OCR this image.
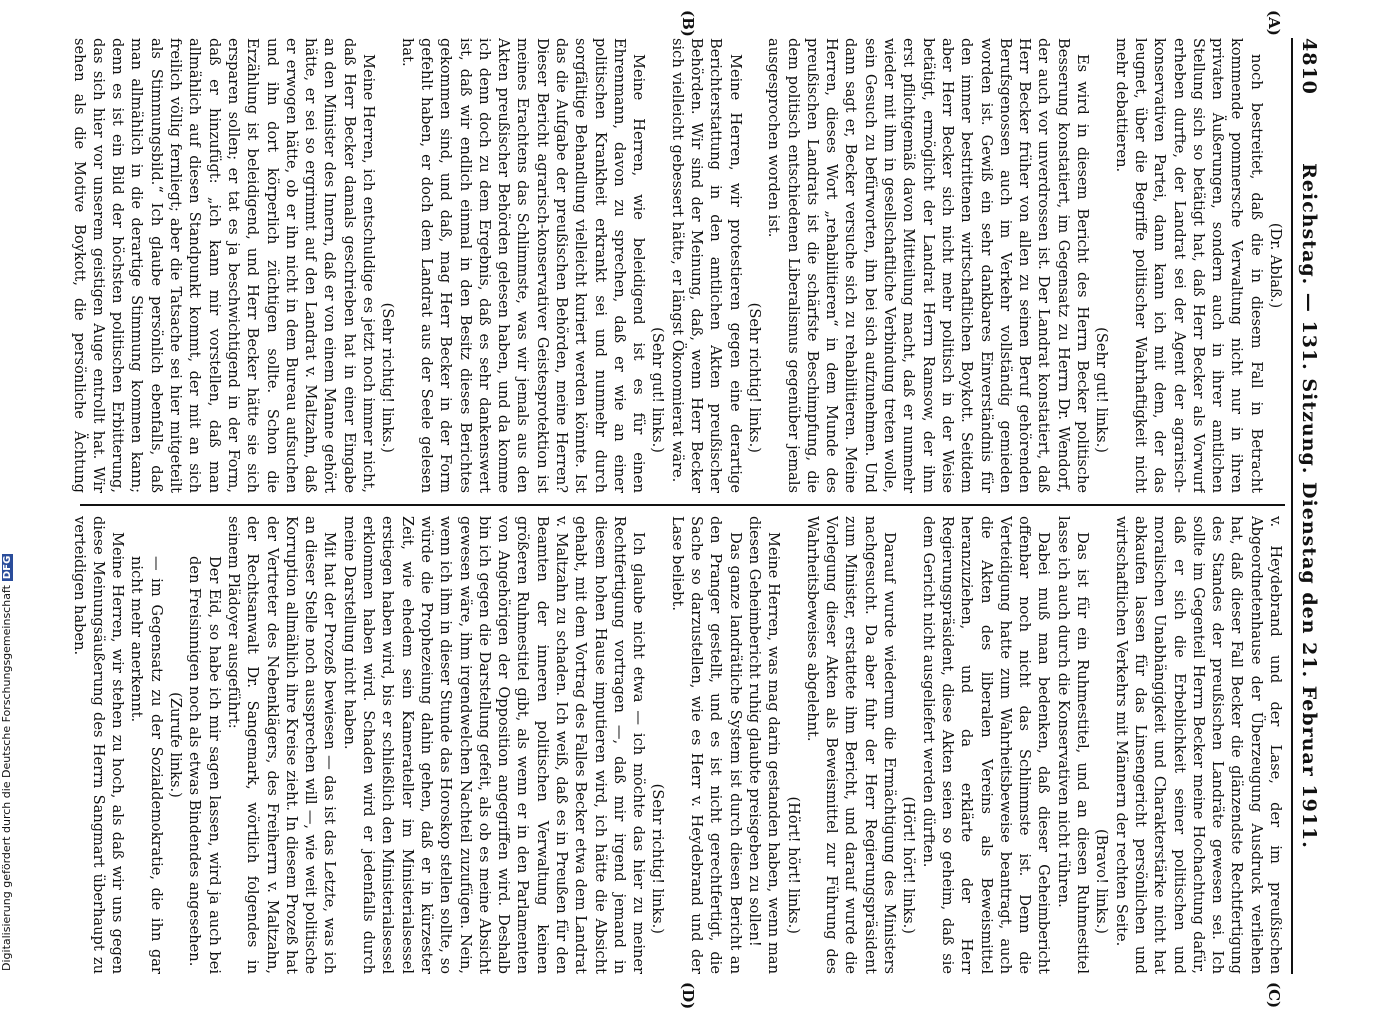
4810
Reichstag. — 131. Sitzung. Dienstag den 21. Februar 1911.
(A)
(B)
(C)
(D)

(Dr. Ablaß.)

noch bestreitet, daß die in diesem Fall in Betracht kommende pommersche Verwaltung nicht nur in ihren privaten Äußerungen, sondern auch in ihrer amtlichen Stellung sich so betätigt hat, daß Herr Becker als Vorwurf erheben durfte, der Landrat sei der Agent der agrarisch-konservativen Partei, dann kann ich mit dem, der das leugnet, über die Begriffe politischer Wahrhaftigkeit nicht mehr debattieren.

(Sehr gut! links.)

Es wird in diesem Bericht des Herrn Becker politische Besserung konstatiert, im Gegensatz zu Herrn Dr. Wendorf, der auch vor unverdrossen ist. Der Landrat konstatiert, daß Herr Becker früher von allen zu seinen Beruf gehörenden Berufsgenossen auch im Verkehr vollständig gemieden worden ist. Gewiß ein sehr dankbares Einverständnis für den immer bestrittenen wirtschaftlichen Boykott. Seitdem aber Herr Becker sich nicht mehr politisch in der Weise betätigt, ermöglicht der Landrat Herrn Ramsow, der ihm erst pflichtgemäß davon Mitteilung macht, daß er nunmehr wieder mit ihm in gesellschaftliche Verbindung treten wolle, sein Gesuch zu befürworten, ihn bei sich aufzunehmen. Und dann sagt er, Becker versuche sich zu rehabilitieren. Meine Herren, dieses Wort „rehabilitieren“ in dem Munde des preußischen Landrats ist die schärfste Beschimpfung, die dem politisch entschiedenen Liberalismus gegenüber jemals ausgesprochen worden ist.

(Sehr richtig! links.)

Meine Herren, wir protestieren gegen eine derartige Berichterstattung in den amtlichen Akten preußischer Behörden. Wir sind der Meinung, daß, wenn Herr Becker sich vielleicht gebessert hätte, er längst Ökonomierat wäre.

(Sehr gut! links.)

Meine Herren, wie beleidigend ist es für einen Ehrenmann, davon zu sprechen, daß er wie an einer politischen Krankheit erkrankt sei und nunmehr durch sorgfältige Behandlung vielleicht kuriert werden könnte. Ist das die Aufgabe der preußischen Behörden, meine Herren? Dieser Bericht agrarisch-konservativer Geistesprotektion ist meines Erachtens das Schlimmste, was wir jemals aus den Akten preußischer Behörden gelesen haben, und da komme ich denn doch zu dem Ergebnis, daß es sehr dankenswert ist, daß wir endlich einmal in den Besitz dieses Berichtes gekommen sind, und daß, mag Herr Becker in der Form gefehlt haben, er doch dem Landrat aus der Seele gelesen hat.

(Sehr richtig! links.)

Meine Herren, ich entschuldige es jetzt noch immer nicht, daß Herr Becker damals geschrieben hat in einer Eingabe an den Minister des Innern, daß er von einem Manne gehört hätte, er sei so ergrimmt auf den Landrat v. Maltzahn, daß er erwogen hätte, ob er ihn nicht in dem Bureau aufsuchen und ihn dort körperlich züchtigen sollte. Schon die Erzählung ist beleidigend, und Herr Becker hätte sie sich ersparen sollen; er tat es ja beschwichtigend in der Form, daß er hinzufügt: „ich kann mir vorstellen, daß man allmählich auf diesen Standpunkt kommt, der mit an sich freilich völlig fernliegt; aber die Tatsache sei hier mitgeteilt als Stimmungsbild.“ Ich glaube persönlich ebenfalls, daß man allmählich in die derartige Stimmung kommen kann; denn es ist ein Bild der höchsten politischen Erbitterung, das sich hier vor unserem geistigen Auge entrollt hat. Wir sehen als die Motive Boykott, die persönliche Ächtung

v. Heydebrand und der Lase, der im preußischen Abgeordnetenhause der Überzeugung Ausdruck verliehen hat, daß dieser Fall Becker die glänzendste Rechtfertigung des Standes der preußischen Landräte gewesen sei. Ich sollte im Gegenteil Herrn Becker meine Hochachtung dafür, daß er sich die Erbeblichkeit seiner politischen und moralischen Unabhängigkeit und Charakterstärke nicht hat abkaufen lassen für das Linsengericht persönlichen und wirtschaftlichen Verkehrs mit Männern der rechten Seite.

(Bravo! links.)

Das ist für ein Ruhmestitel, und an diesen Ruhmestitel lasse ich auch durch die Konservativen nicht rühren.

Dabei muß man bedenken, daß dieser Geheimbericht offenbar noch nicht das Schlimmste ist. Denn die Verteidigung hatte zum Wahrheitsbeweise beantragt, auch die Akten des liberalen Vereins als Beweismittel heranzuziehen, und da erklärte der Herr Regierungspräsident, diese Akten seien so geheim, daß sie dem Gericht nicht ausgeliefert werden dürften.

(Hört! hört! links.)

Darauf wurde wiederum die Ermächtigung des Ministers nachgesucht. Da aber fuhr der Herr Regierungspräsident zum Minister, erstattete ihm Bericht, und darauf wurde die Vorlegung dieser Akten als Beweismittel zur Führung des Wahrheitsbeweises abgelehnt.

(Hört! hört! links.)

Meine Herren, was mag darin gestanden haben, wenn man diesen Geheimbericht ruhig glaubte preisgeben zu sollen!

Das ganze landrätliche System ist durch diesen Bericht an den Pranger gestellt, und es ist nicht gerechtfertigt, die Sache so darzustellen, wie es Herr v. Heydebrand und der Lase beliebt.

(Sehr richtig! links.)

Ich glaube nicht etwa — ich möchte das hier zu meiner Rechtfertigung vortragen —, daß mir irgend jemand in diesem hohen Hause imputieren wird, ich hätte die Absicht gehabt, mit dem Vortrag des Falles Becker etwa dem Landrat v. Maltzahn zu schaden. Ich weiß, daß es in Preußen für den Beamten der inneren politischen Verwaltung keinen größeren Ruhmestitel gibt, als wenn er in den Parlamenten von Angehörigen der Opposition angegriffen wird. Deshalb bin ich gegen die Darstellung gefeit, als ob es meine Absicht gewesen wäre, ihm irgendwelchen Nachteil zuzufügen. Nein, wenn ich ihm in dieser Stunde das Horoskop stellen sollte, so würde die Prophezeiung dahin gehen, daß er in kürzester Zeit, wie ehedem sein Kamerateller im Ministerialsessel erstiegen haben wird, bis er schließlich den Ministerialsessel erklommen haben wird. Schaden wird er jedenfalls durch meine Darstellung nicht haben.

Mit hat der Prozeß bewiesen — das ist das Letzte, was ich an dieser Stelle noch aussprechen will —, wie weit politische Korruption allmählich ihre Kreise zieht. In diesem Prozeß hat der Vertreter des Nebenklägers, des Freiherrn v. Maltzahn, der Rechtsanwalt Dr. Sangemark, wörtlich folgendes in seinem Plädoyer ausgeführt:

Der Eid, so habe ich mir sagen lassen, wird ja auch bei den Freisinnigen noch als etwas Bindendes angesehen.

(Zurufe links.)

— im Gegensatz zu der Sozialdemokratie, die ihn gar nicht mehr anerkennt.

Meine Herren, wir stehen zu hoch, als daß wir uns gegen diese Meinungsäußerung des Herrn Sangmart überhaupt zu verteidigen haben.

Digitalisierung gefördert durch die Deutsche ForschungsgemeinschaftDFG
